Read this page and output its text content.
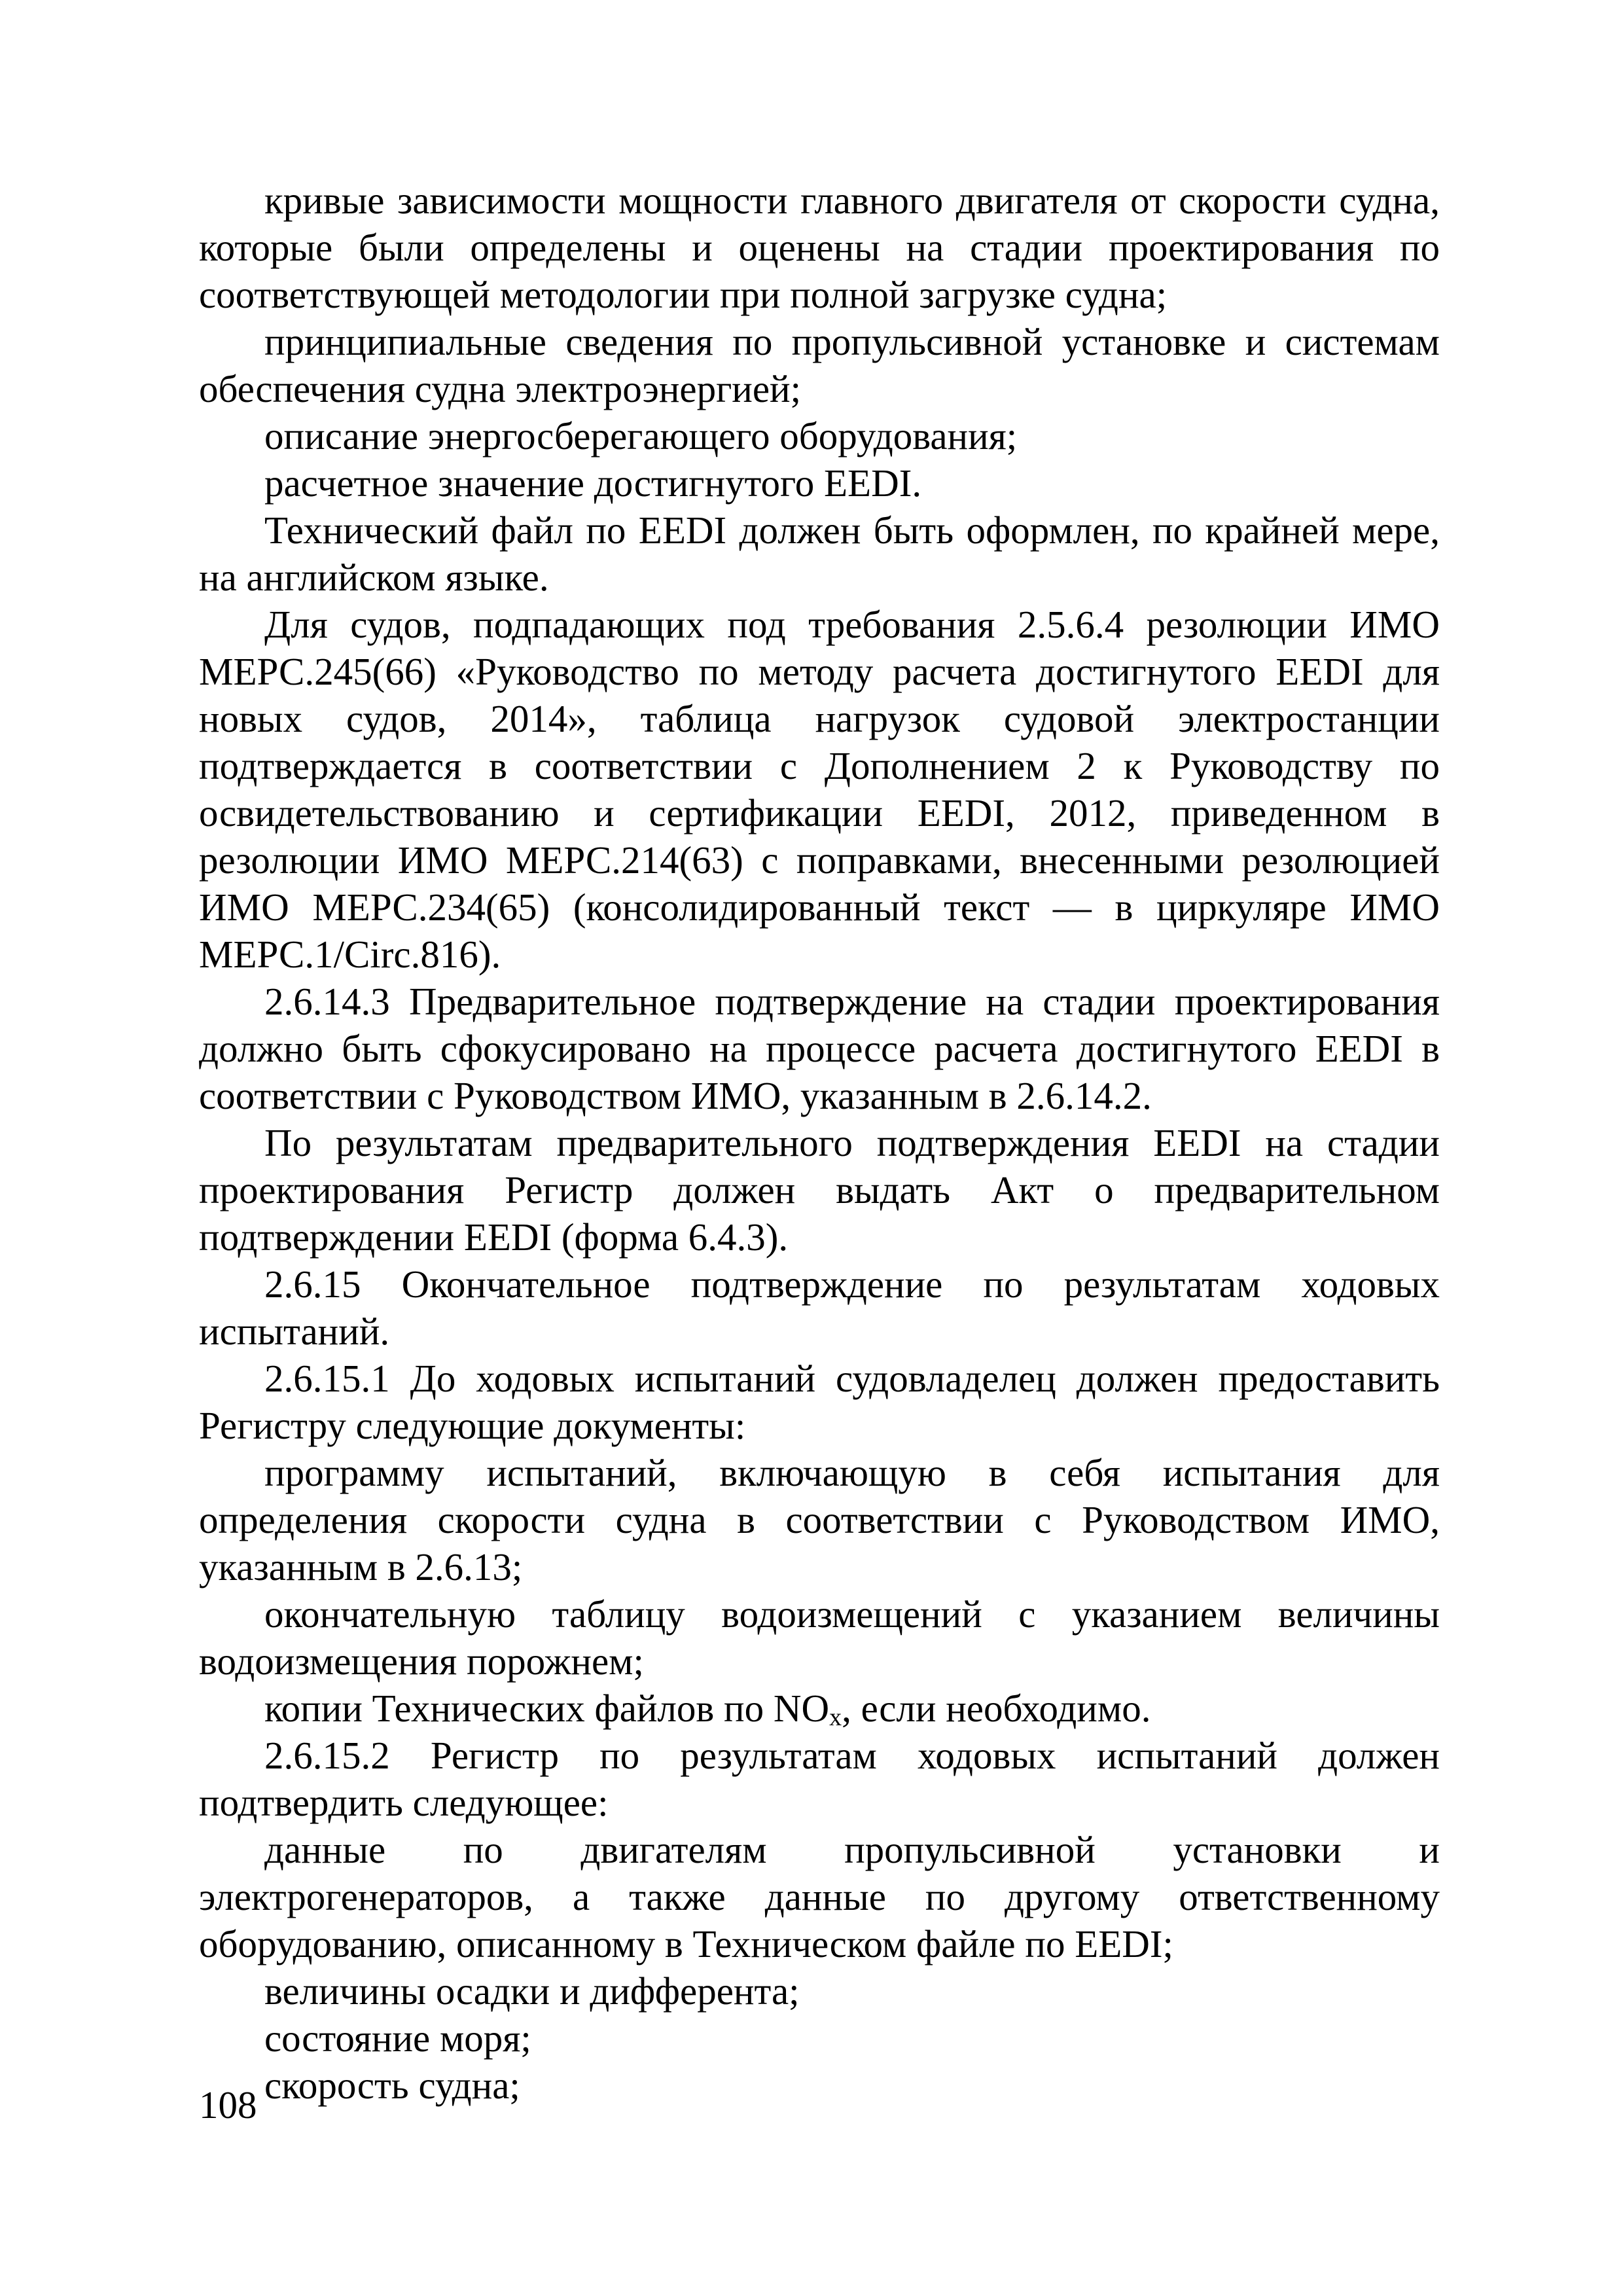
кривые зависимости мощности главного двигателя от скорости судна, которые были определены и оценены на стадии проектирования по соответствующей методологии при полной загрузке судна;

принципиальные сведения по пропульсивной установке и системам обеспечения судна электроэнергией;

описание энергосберегающего оборудования;

расчетное значение достигнутого EEDI.

Технический файл по EEDI должен быть оформлен, по крайней мере, на английском языке.

Для судов, подпадающих под требования 2.5.6.4 резолюции ИМО МЕРС.245(66) «Руководство по методу расчета достигнутого EEDI для новых судов, 2014», таблица нагрузок судовой электростанции подтверждается в соответствии с Дополнением 2 к Руководству по освидетельствованию и сертификации EEDI, 2012, приведенном в резолюции ИМО МЕРС.214(63) с поправками, внесенными резолюцией ИМО МЕРС.234(65) (консолидированный текст — в циркуляре ИМО МЕРС.1/Circ.816).

2.6.14.3 Предварительное подтверждение на стадии проектирования должно быть сфокусировано на процессе расчета достигнутого EEDI в соответствии с Руководством ИМО, указанным в 2.6.14.2.

По результатам предварительного подтверждения EEDI на стадии проектирования Регистр должен выдать Акт о предварительном подтверждении EEDI (форма 6.4.3).

2.6.15 Окончательное подтверждение по результатам ходовых испытаний.

2.6.15.1 До ходовых испытаний судовладелец должен предоставить Регистру следующие документы:

программу испытаний, включающую в себя испытания для определения скорости судна в соответствии с Руководством ИМО, указанным в 2.6.13;

окончательную таблицу водоизмещений с указанием величины водоизмещения порожнем;

копии Технических файлов по $NO_x$, если необходимо.

2.6.15.2 Регистр по результатам ходовых испытаний должен подтвердить следующее:

данные по двигателям пропульсивной установки и электрогенераторов, а также данные по другому ответственному оборудованию, описанному в Техническом файле по EEDI;

величины осадки и дифферента;

состояние моря;

скорость судна;

108
